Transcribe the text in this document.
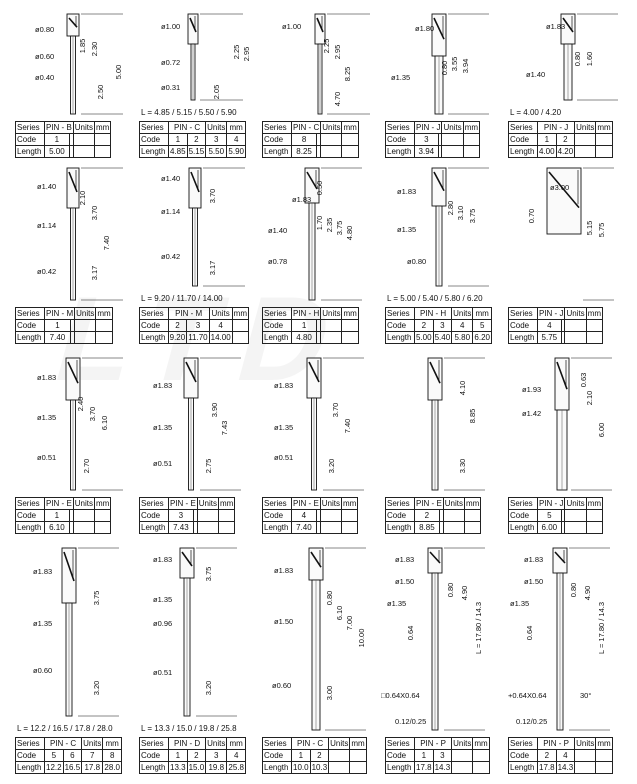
ø0.80
ø0.60
ø0.40
1.85 2.30
2.50
5.00
Series	PIN - B		Units	mm
Code	1			
Length	5.00			
ø1.00
ø0.72
ø0.31
2.25 2.95
2.05
L = 4.85 / 5.15 / 5.50 / 5.90
Series	PIN - C		Units	mm
Code	1	2	3	4
Length	4.85	5.15	5.50	5.90
ø1.00
2.25 2.95
8.25
4.70
Series	PIN - C		Units	mm
Code	8			
Length	8.25			
ø1.80
ø1.35
0.80 3.55 3.94
Series	PIN - J		Units	mm
Code	3			
Length	3.94			
ø1.83
ø1.40
0.80 1.60
L = 4.00 / 4.20
Series	PIN - J		Units	mm
Code	1	2		
Length	4.00	4.20		
ø1.40
ø1.14
ø0.42
2.10
3.70
7.40
3.17
Series	PIN - M		Units	mm
Code	1			
Length	7.40			
ø1.40
ø1.14
ø0.42
3.70
3.17
L = 9.20 / 11.70 / 14.00
Series	PIN - M		Units	mm
Code	2	3	4	
Length	9.20	11.70	14.00	
ø1.83
ø1.40
ø0.78
0.50
1.70 2.35 3.75 4.80
Series	PIN - H		Units	mm
Code	1			
Length	4.80			
ø1.83
ø1.35
ø0.80
2.80 3.10 3.75
L = 5.00 / 5.40 / 5.80 / 6.20
Series	PIN - H		Units	mm
Code	2	3	4	5
Length	5.00	5.40	5.80	6.20
ø3.00
0.70
5.15 5.75
Series	PIN - J		Units	mm
Code	4			
Length	5.75			
ø1.83
ø1.35
ø0.51
2.40
3.70
6.10
2.70
Series	PIN - E		Units	mm
Code	1			
Length	6.10			
ø1.83
ø1.35
ø0.51
3.90
7.43
2.75
Series	PIN - E		Units	mm
Code	3			
Length	7.43			
ø1.83
ø1.35
ø0.51
3.70
7.40
3.20
Series	PIN - E		Units	mm
Code	4			
Length	7.40			
4.10
8.85
3.30
Series	PIN - E		Units	mm
Code	2			
Length	8.85			
ø1.93
ø1.42
0.63
2.10
6.00
Series	PIN - J		Units	mm
Code	5			
Length	6.00			
ø1.83
ø1.35
ø0.60
3.75
3.20
L = 12.2 / 16.5 / 17.8 / 28.0
Series	PIN - C		Units	mm
Code	5	6	7	8
Length	12.2	16.5	17.8	28.0
ø1.83
ø1.35
ø0.96
ø0.51
3.75
3.20
L = 13.3 / 15.0 / 19.8 / 25.8
Series	PIN - D		Units	mm
Code	1	2	3	4
Length	13.3	15.0	19.8	25.8
ø1.83
ø1.50
ø0.60
0.80
6.10
7.00
10.00
3.00
Series	PIN - C		Units	mm
Code	1	2		
Length	10.0	10.3		
ø1.83
ø1.50
ø1.35
0.80 4.90
0.64	L = 17.80 / 14.3
□0.64X0.64
0.12/0.25
Series	PIN - P		Units	mm
Code	1	3		
Length	17.8	14.3		
ø1.83
ø1.50
ø1.35
0.80 4.90
0.64	L = 17.80 / 14.3
+0.64X0.64	30°
0.12/0.25
Series	PIN - P		Units	mm
Code	2	4		
Length	17.8	14.3		
